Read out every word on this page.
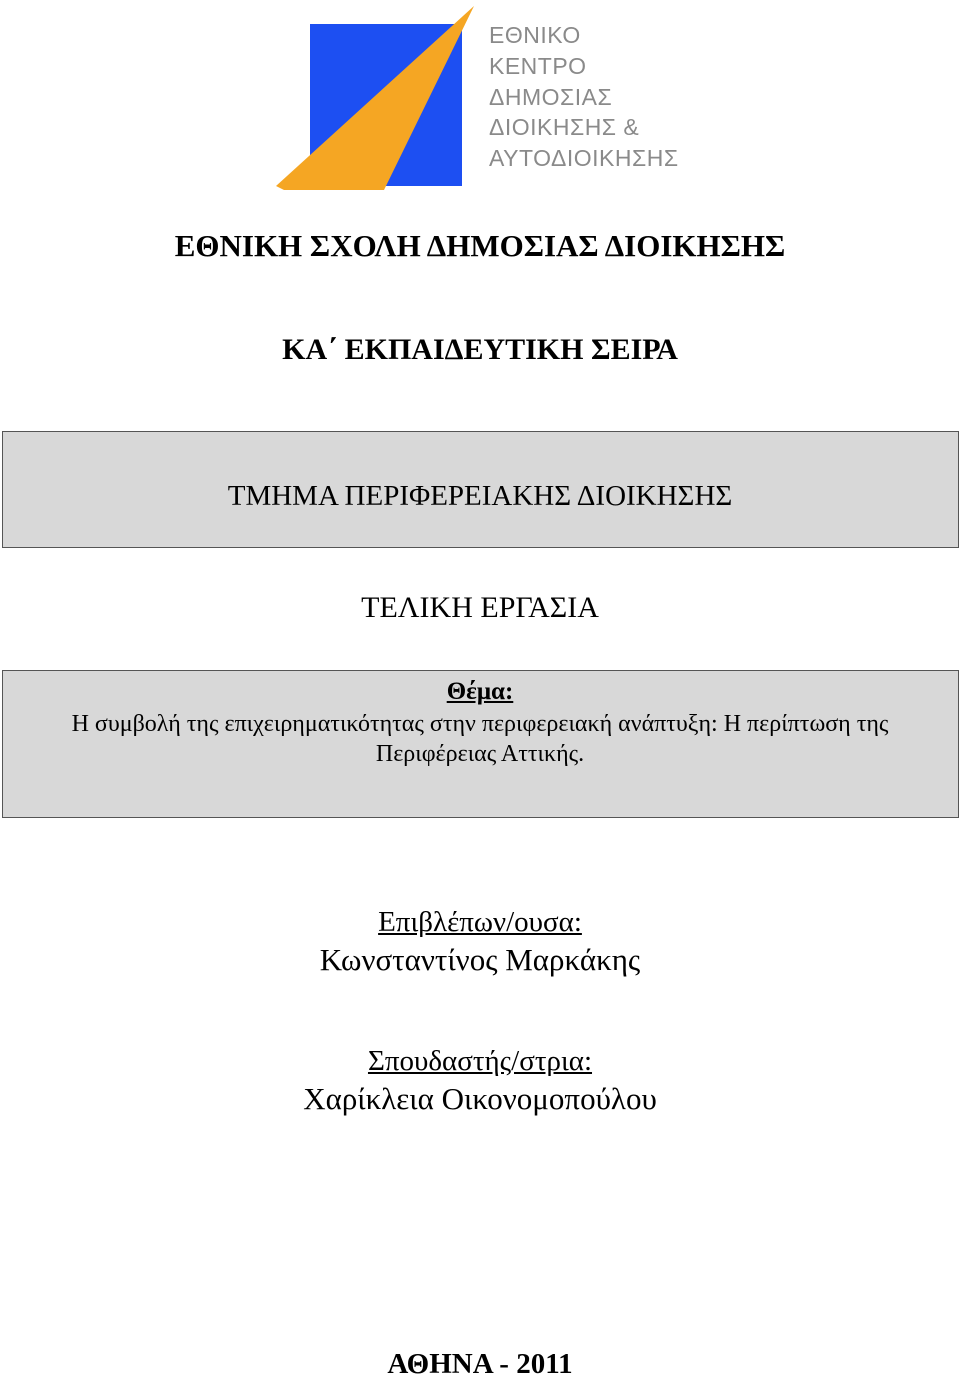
ΕΘΝΙΚΟ
ΚΕΝΤΡΟ
ΔΗΜΟΣΙΑΣ
ΔΙΟΙΚΗΣΗΣ &
ΑΥΤΟΔΙΟΙΚΗΣΗΣ
ΕΘΝΙΚΗ ΣΧΟΛΗ ΔΗΜΟΣΙΑΣ ΔΙΟΙΚΗΣΗΣ
ΚΑ΄ ΕΚΠΑΙΔΕΥΤΙΚΗ ΣΕΙΡΑ
ΤΜΗΜΑ ΠΕΡΙΦΕΡΕΙΑΚΗΣ ΔΙΟΙΚΗΣΗΣ
ΤΕΛΙΚΗ ΕΡΓΑΣΙΑ
Θέμα:
Η συμβολή της επιχειρηματικότητας στην περιφερειακή ανάπτυξη: Η περίπτωση της
Περιφέρειας Αττικής.
Επιβλέπων/ουσα:
Κωνσταντίνος Μαρκάκης
Σπουδαστής/στρια:
Χαρίκλεια Οικονομοπούλου
ΑΘΗΝΑ - 2011
